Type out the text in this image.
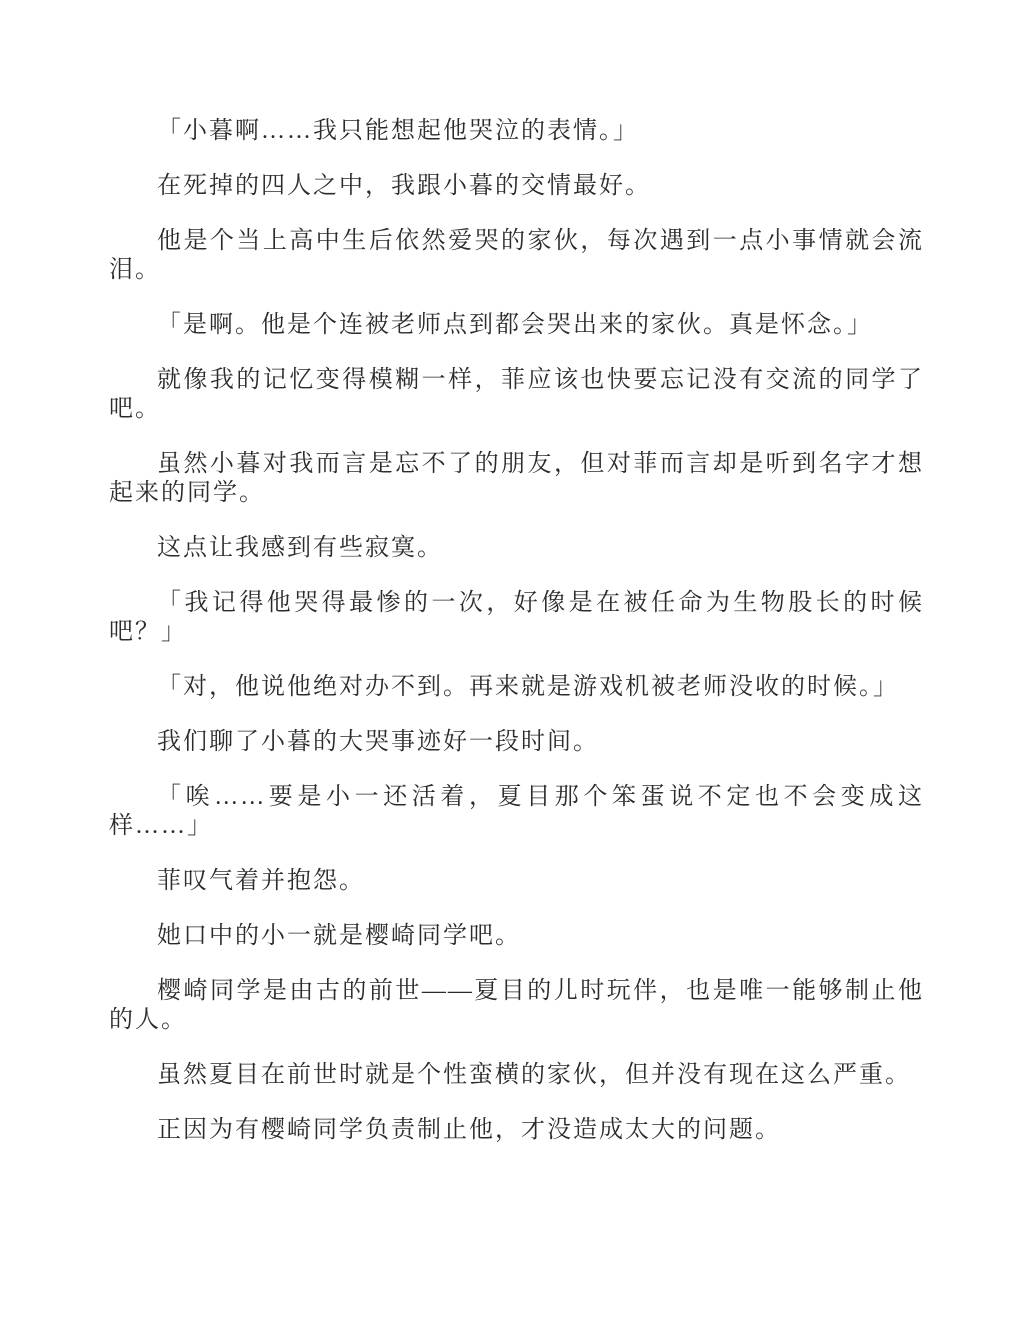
「小暮啊……我只能想起他哭泣的表情。」

在死掉的四人之中，我跟小暮的交情最好。

他是个当上高中生后依然爱哭的家伙，每次遇到一点小事情就会流泪。

「是啊。他是个连被老师点到都会哭出来的家伙。真是怀念。」

就像我的记忆变得模糊一样，菲应该也快要忘记没有交流的同学了吧。

虽然小暮对我而言是忘不了的朋友，但对菲而言却是听到名字才想起来的同学。

这点让我感到有些寂寞。

「我记得他哭得最惨的一次，好像是在被任命为生物股长的时候吧？」

「对，他说他绝对办不到。再来就是游戏机被老师没收的时候。」

我们聊了小暮的大哭事迹好一段时间。

「唉……要是小一还活着，夏目那个笨蛋说不定也不会变成这样……」

菲叹气着并抱怨。

她口中的小一就是樱崎同学吧。

樱崎同学是由古的前世——夏目的儿时玩伴，也是唯一能够制止他的人。

虽然夏目在前世时就是个性蛮横的家伙，但并没有现在这么严重。

正因为有樱崎同学负责制止他，才没造成太大的问题。
